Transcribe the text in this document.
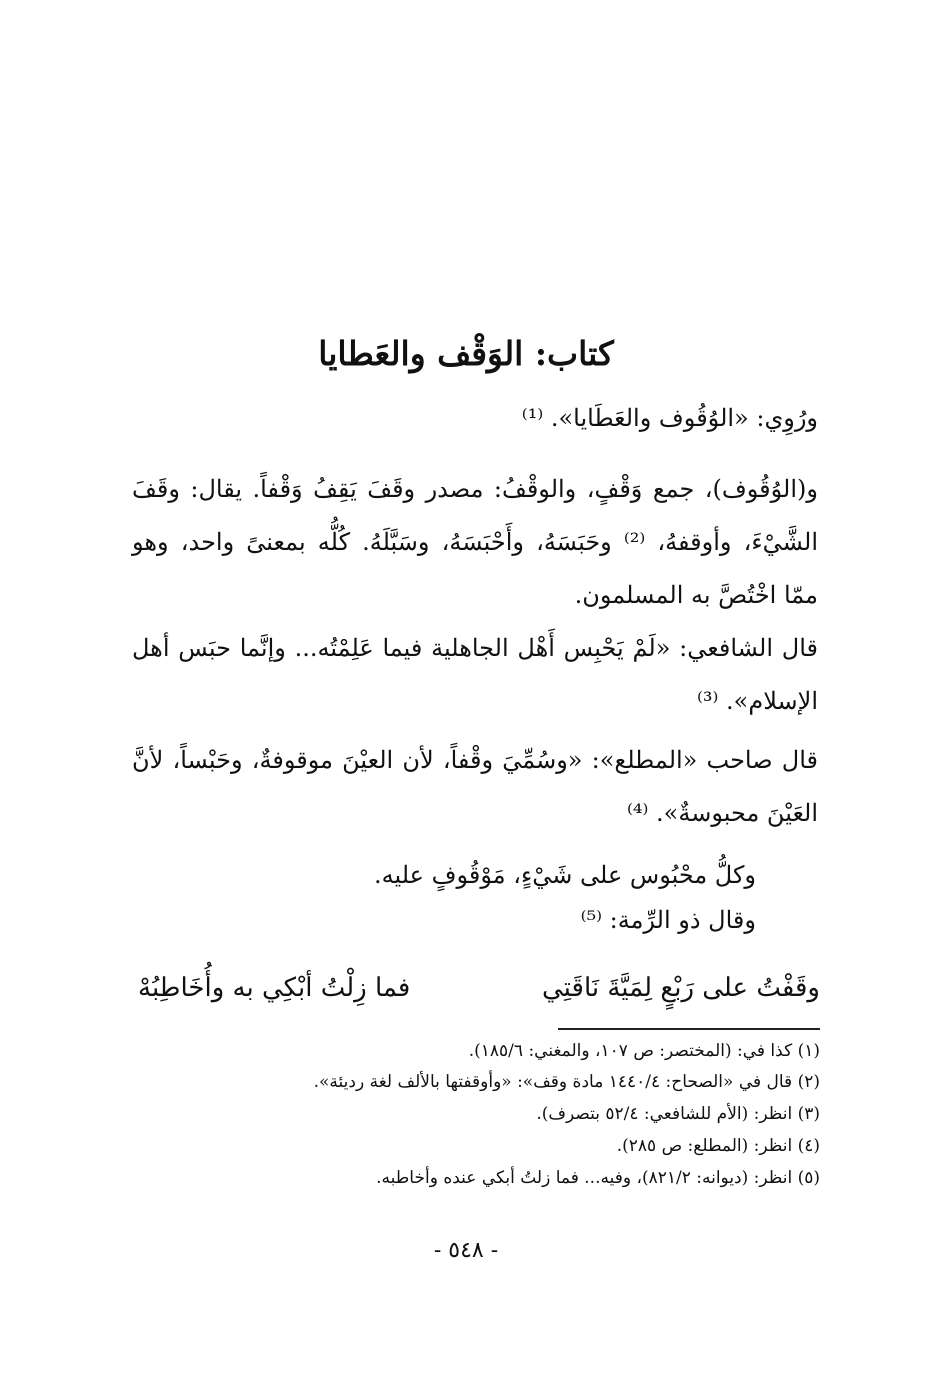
كتاب: الوَقْف والعَطايا
ورُوِي: «الوُقُوف والعَطَايا». ⁽¹⁾
و(الوُقُوف)، جمع وَقْفٍ، والوقْفُ: مصدر وقَفَ يَقِفُ وَقْفاً. يقال: وقَفَ الشَّيْءَ، وأوقفهُ، ⁽²⁾ وحَبَسَهُ، وأَحْبَسَهُ، وسَبَّلَهُ. كُلُّه بمعنىً واحد، وهو ممّا اخْتُصَّ به المسلمون.
قال الشافعي: «لَمْ يَحْبِس أَهْل الجاهلية فيما عَلِمْتُه... وإنَّما حبَس أهل الإسلام». ⁽³⁾
قال صاحب «المطلع»: «وسُمِّيَ وقْفاً، لأن العيْنَ موقوفةٌ، وحَبْساً، لأنَّ العَيْنَ محبوسةٌ». ⁽⁴⁾
وكلُّ محْبُوس على شَيْءٍ، مَوْقُوفٍ عليه.
وقال ذو الرِّمة: ⁽⁵⁾
وقَفْتُ على رَبْعٍ لِمَيَّةَ نَاقَتِي
فما زِلْتُ أبْكِي به وأُخَاطِبُهْ
(١) كذا في: (المختصر: ص ١٠٧، والمغني: ١٨٥/٦).
(٢) قال في «الصحاح: ١٤٤٠/٤ مادة وقف»: «وأوقفتها بالألف لغة رديئة».
(٣) انظر: (الأم للشافعي: ٥٢/٤ بتصرف).
(٤) انظر: (المطلع: ص ٢٨٥).
(٥) انظر: (ديوانه: ٨٢١/٢)، وفيه... فما زلتُ أبكي عنده وأخاطبه.
- ٥٤٨ -
